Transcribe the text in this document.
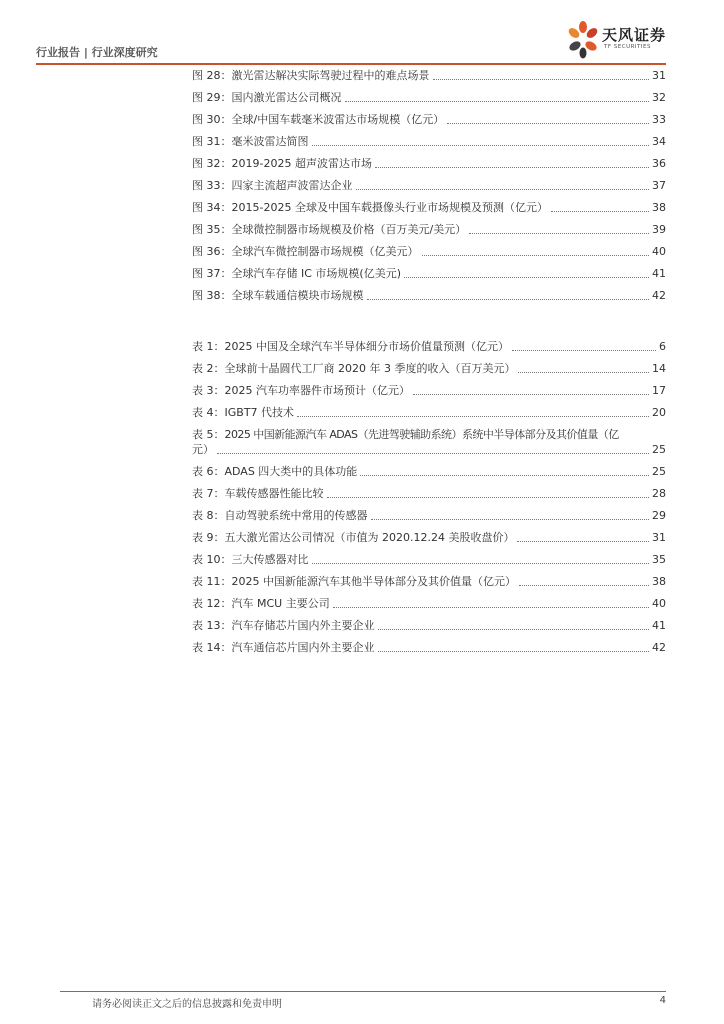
行业报告 | 行业深度研究
天风证券
TF SECURITIES
图 28：激光雷达解决实际驾驶过程中的难点场景	31
图 29：国内激光雷达公司概况	32
图 30：全球/中国车载毫米波雷达市场规模（亿元）	33
图 31：毫米波雷达简图	34
图 32：2019-2025 超声波雷达市场	36
图 33：四家主流超声波雷达企业	37
图 34：2015-2025 全球及中国车载摄像头行业市场规模及预测（亿元）	38
图 35：全球微控制器市场规模及价格（百万美元/美元）	39
图 36：全球汽车微控制器市场规模（亿美元）	40
图 37：全球汽车存储 IC 市场规模(亿美元)	41
图 38：全球车载通信模块市场规模	42
表 1：2025 中国及全球汽车半导体细分市场价值量预测（亿元）	6
表 2：全球前十晶圆代工厂商 2020 年 3 季度的收入（百万美元）	14
表 3：2025 汽车功率器件市场预计（亿元）	17
表 4：IGBT7 代技术	20
表 5：2025 中国新能源汽车 ADAS（先进驾驶辅助系统）系统中半导体部分及其价值量（亿
元）	25
表 6：ADAS 四大类中的具体功能	25
表 7：车载传感器性能比较	28
表 8：自动驾驶系统中常用的传感器	29
表 9：五大激光雷达公司情况（市值为 2020.12.24 美股收盘价）	31
表 10：三大传感器对比	35
表 11：2025 中国新能源汽车其他半导体部分及其价值量（亿元）	38
表 12：汽车 MCU 主要公司	40
表 13：汽车存储芯片国内外主要企业	41
表 14：汽车通信芯片国内外主要企业	42
请务必阅读正文之后的信息披露和免责申明	4
